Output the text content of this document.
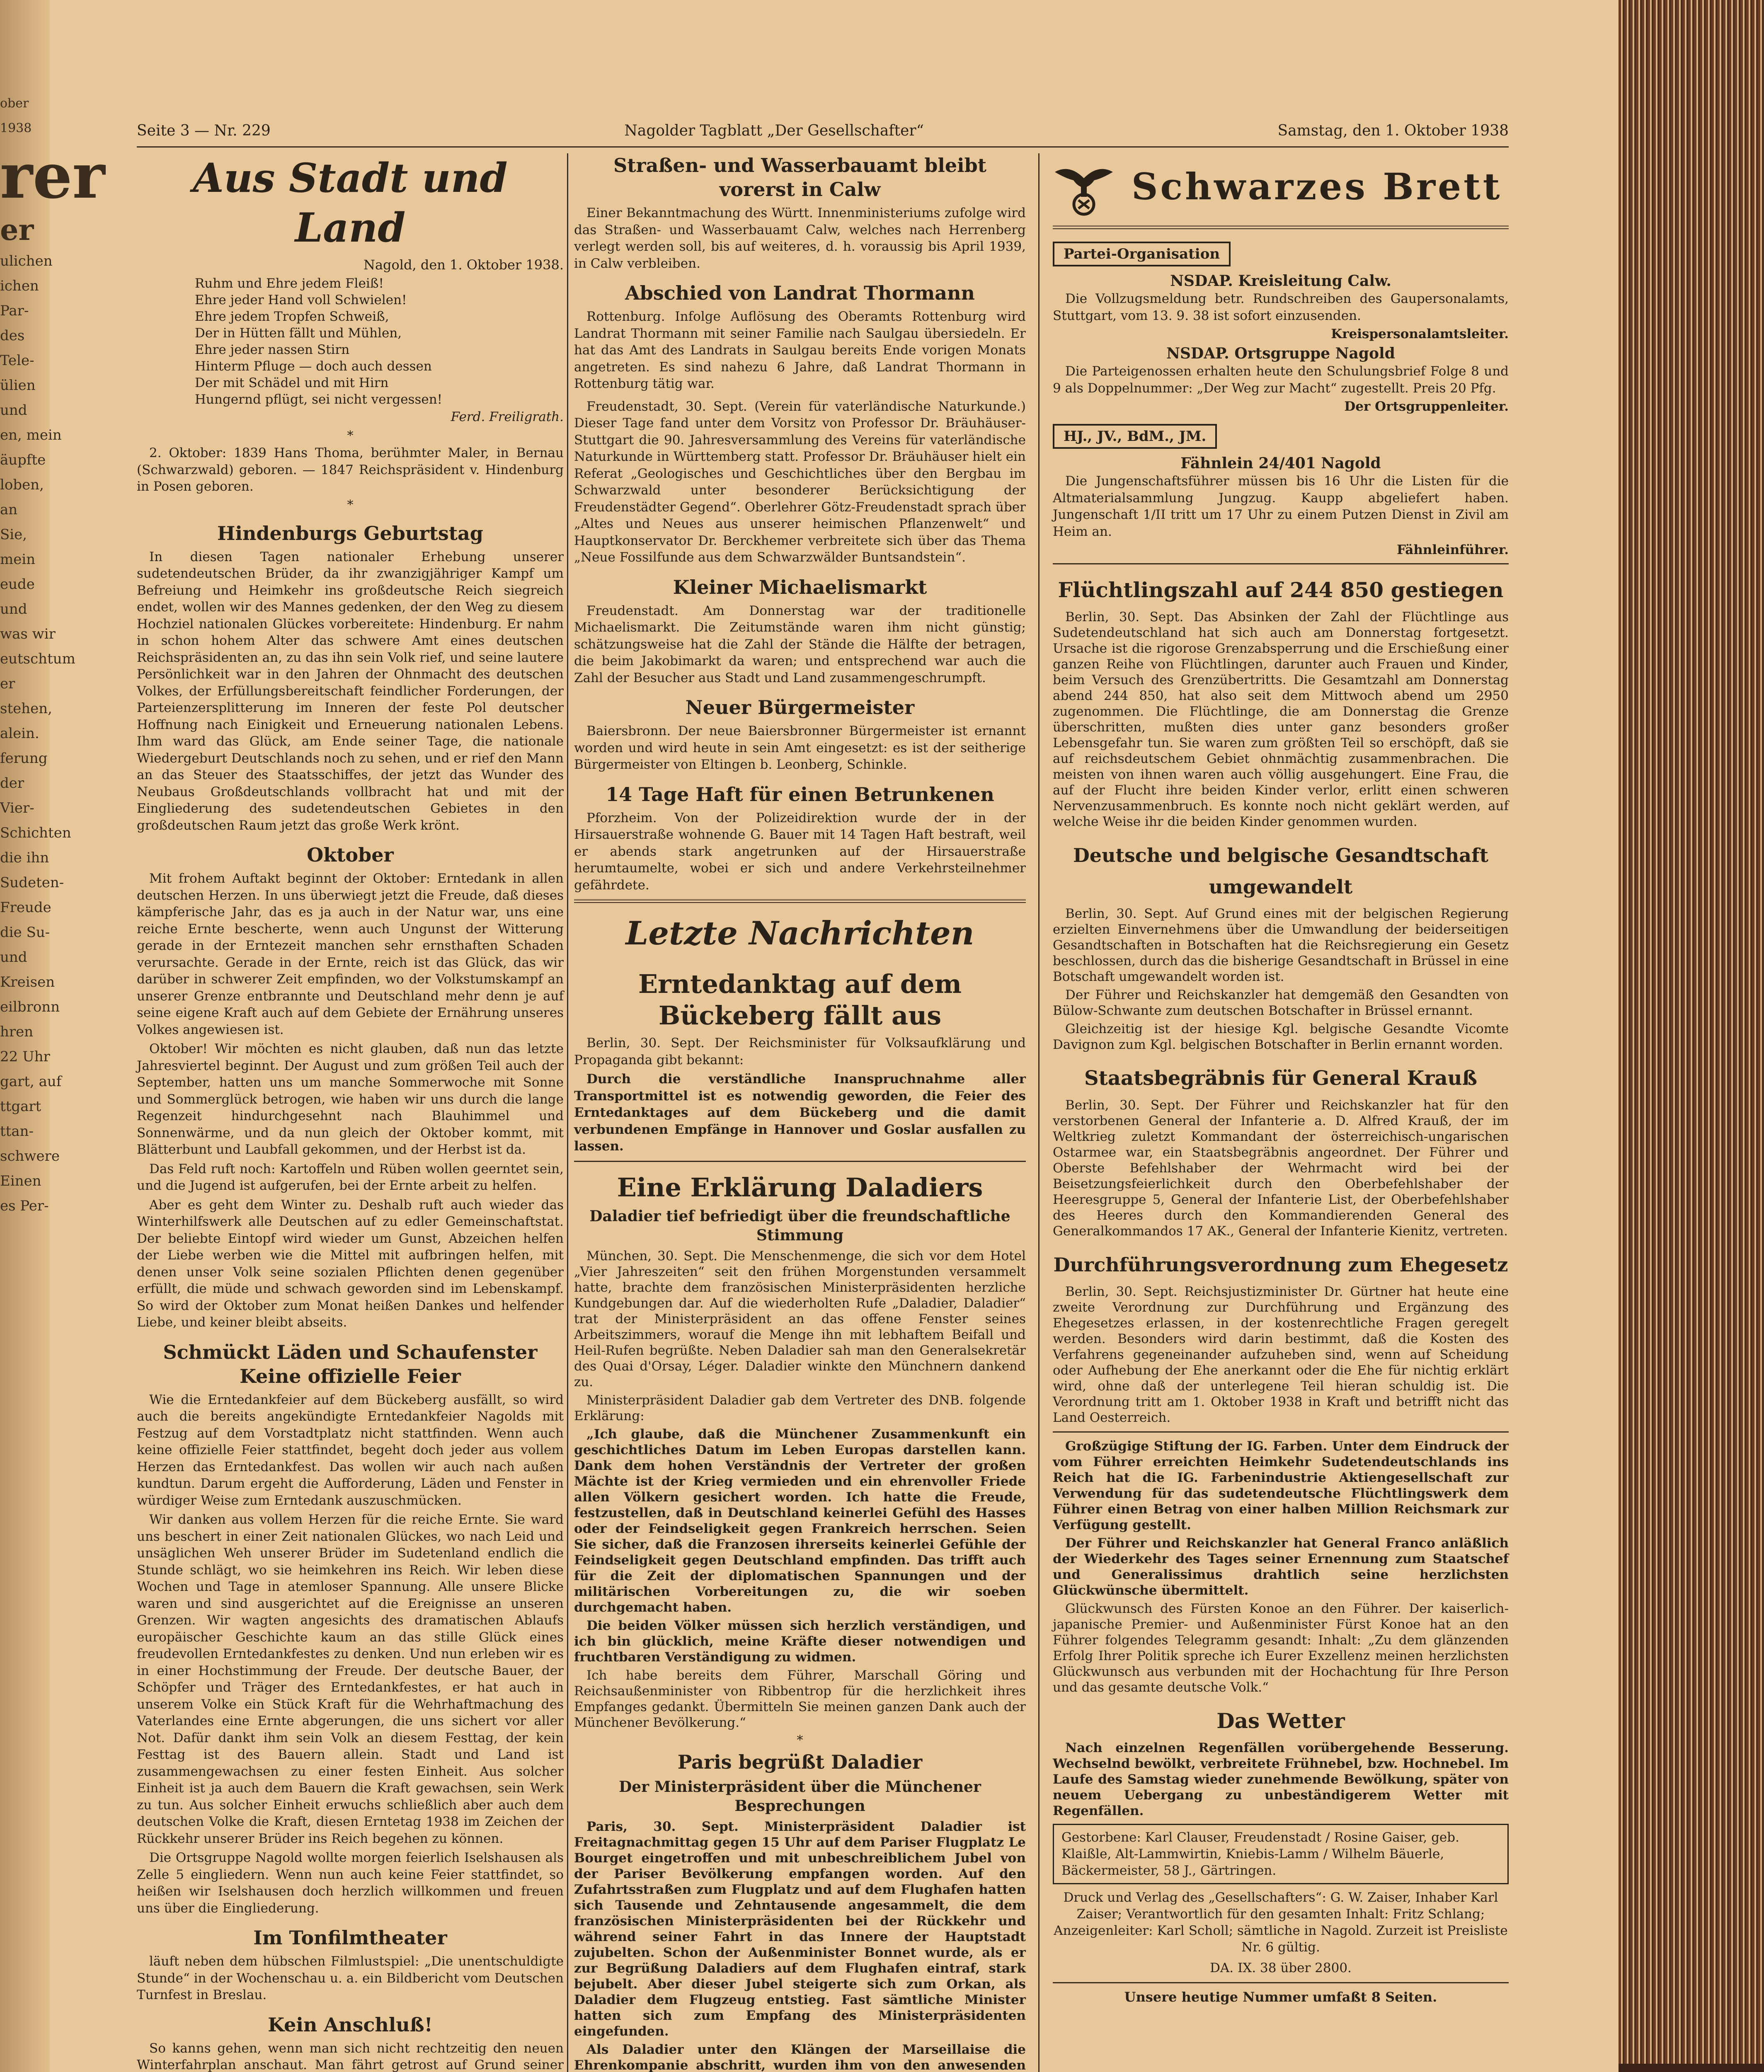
ober 1938
rer
er
ulichen
ichen Par-
des Tele-
ülien und
en, mein
äupfte
loben, an
Sie, mein
eude und
was wir
eutschtum
er stehen,
alein.
ferung
der Vier-
Schichten
die ihn
Sudeten-
Freude
die Su-
und
Kreisen
eilbronn
hren
22 Uhr
gart, auf
ttgart
ttan-
schwere
Einen
es Per-
Seite 3 — Nr. 229	Nagolder Tagblatt „Der Gesellschafter“	Samstag, den 1. Oktober 1938
Aus Stadt und Land
Nagold, den 1. Oktober 1938.
Ruhm und Ehre jedem Fleiß!
Ehre jeder Hand voll Schwielen!
Ehre jedem Tropfen Schweiß,
Der in Hütten fällt und Mühlen,
Ehre jeder nassen Stirn
Hinterm Pfluge — doch auch dessen
Der mit Schädel und mit Hirn
Hungernd pflügt, sei nicht vergessen!
Ferd. Freiligrath.
*
2. Oktober: 1839 Hans Thoma, berühmter Maler, in Bernau (Schwarzwald) geboren. — 1847 Reichspräsident v. Hindenburg in Posen geboren.
*
Hindenburgs Geburtstag
In diesen Tagen nationaler Erhebung unserer sudetendeutschen Brüder, da ihr zwanzigjähriger Kampf um Befreiung und Heimkehr ins großdeutsche Reich siegreich endet, wollen wir des Mannes gedenken, der den Weg zu diesem Hochziel nationalen Glückes vorbereitete: Hindenburg. Er nahm in schon hohem Alter das schwere Amt eines deutschen Reichspräsidenten an, zu das ihn sein Volk rief, und seine lautere Persönlichkeit war in den Jahren der Ohnmacht des deutschen Volkes, der Erfüllungsbereitschaft feindlicher Forderungen, der Parteienzersplitterung im Inneren der feste Pol deutscher Hoffnung nach Einigkeit und Erneuerung nationalen Lebens. Ihm ward das Glück, am Ende seiner Tage, die nationale Wiedergeburt Deutschlands noch zu sehen, und er rief den Mann an das Steuer des Staatsschiffes, der jetzt das Wunder des Neubaus Großdeutschlands vollbracht hat und mit der Eingliederung des sudetendeutschen Gebietes in den großdeutschen Raum jetzt das große Werk krönt.
Oktober
Mit frohem Auftakt beginnt der Oktober: Erntedank in allen deutschen Herzen. In uns überwiegt jetzt die Freude, daß dieses kämpferische Jahr, das es ja auch in der Natur war, uns eine reiche Ernte bescherte, wenn auch Ungunst der Witterung gerade in der Erntezeit manchen sehr ernsthaften Schaden verursachte. Gerade in der Ernte, reich ist das Glück, das wir darüber in schwerer Zeit empfinden, wo der Volkstumskampf an unserer Grenze entbrannte und Deutschland mehr denn je auf seine eigene Kraft auch auf dem Gebiete der Ernährung unseres Volkes angewiesen ist.
Oktober! Wir möchten es nicht glauben, daß nun das letzte Jahresviertel beginnt. Der August und zum größen Teil auch der September, hatten uns um manche Sommerwoche mit Sonne und Sommerglück betrogen, wie haben wir uns durch die lange Regenzeit hindurchgesehnt nach Blauhimmel und Sonnenwärme, und da nun gleich der Oktober kommt, mit Blätterbunt und Laubfall gekommen, und der Herbst ist da.
Das Feld ruft noch: Kartoffeln und Rüben wollen geerntet sein, und die Jugend ist aufgerufen, bei der Ernte arbeit zu helfen.
Aber es geht dem Winter zu. Deshalb ruft auch wieder das Winterhilfswerk alle Deutschen auf zu edler Gemeinschaftstat. Der beliebte Eintopf wird wieder um Gunst, Abzeichen helfen der Liebe werben wie die Mittel mit aufbringen helfen, mit denen unser Volk seine sozialen Pflichten denen gegenüber erfüllt, die müde und schwach geworden sind im Lebenskampf. So wird der Oktober zum Monat heißen Dankes und helfender Liebe, und keiner bleibt abseits.
Schmückt Läden und Schaufenster
Keine offizielle Feier
Wie die Erntedankfeier auf dem Bückeberg ausfällt, so wird auch die bereits angekündigte Erntedankfeier Nagolds mit Festzug auf dem Vorstadtplatz nicht stattfinden. Wenn auch keine offizielle Feier stattfindet, begeht doch jeder aus vollem Herzen das Erntedankfest. Das wollen wir auch nach außen kundtun. Darum ergeht die Aufforderung, Läden und Fenster in würdiger Weise zum Erntedank auszuschmücken.
Wir danken aus vollem Herzen für die reiche Ernte. Sie ward uns beschert in einer Zeit nationalen Glückes, wo nach Leid und unsäglichen Weh unserer Brüder im Sudetenland endlich die Stunde schlägt, wo sie heimkehren ins Reich. Wir leben diese Wochen und Tage in atemloser Spannung. Alle unsere Blicke waren und sind ausgerichtet auf die Ereignisse an unseren Grenzen. Wir wagten angesichts des dramatischen Ablaufs europäischer Geschichte kaum an das stille Glück eines freudevollen Erntedankfestes zu denken. Und nun erleben wir es in einer Hochstimmung der Freude. Der deutsche Bauer, der Schöpfer und Träger des Erntedankfestes, er hat auch in unserem Volke ein Stück Kraft für die Wehrhaftmachung des Vaterlandes eine Ernte abgerungen, die uns sichert vor aller Not. Dafür dankt ihm sein Volk an diesem Festtag, der kein Festtag ist des Bauern allein. Stadt und Land ist zusammengewachsen zu einer festen Einheit. Aus solcher Einheit ist ja auch dem Bauern die Kraft gewachsen, sein Werk zu tun. Aus solcher Einheit erwuchs schließlich aber auch dem deutschen Volke die Kraft, diesen Erntetag 1938 im Zeichen der Rückkehr unserer Brüder ins Reich begehen zu können.
Die Ortsgruppe Nagold wollte morgen feierlich Iselshausen als Zelle 5 eingliedern. Wenn nun auch keine Feier stattfindet, so heißen wir Iselshausen doch herzlich willkommen und freuen uns über die Eingliederung.
Im Tonfilmtheater
läuft neben dem hübschen Filmlustspiel: „Die unentschuldigte Stunde“ in der Wochenschau u. a. ein Bildbericht vom Deutschen Turnfest in Breslau.
Kein Anschluß!
So kanns gehen, wenn man sich nicht rechtzeitig den neuen Winterfahrplan anschaut. Man fährt getrost auf Grund seiner
Straßen- und Wasserbauamt bleibt vorerst in Calw
Einer Bekanntmachung des Württ. Innenministeriums zufolge wird das Straßen- und Wasserbauamt Calw, welches nach Herrenberg verlegt werden soll, bis auf weiteres, d. h. voraussig bis April 1939, in Calw verbleiben.
Abschied von Landrat Thormann
Rottenburg. Infolge Auflösung des Oberamts Rottenburg wird Landrat Thormann mit seiner Familie nach Saulgau übersiedeln. Er hat das Amt des Landrats in Saulgau bereits Ende vorigen Monats angetreten. Es sind nahezu 6 Jahre, daß Landrat Thormann in Rottenburg tätig war.
Freudenstadt, 30. Sept. (Verein für vaterländische Naturkunde.) Dieser Tage fand unter dem Vorsitz von Professor Dr. Bräuhäuser-Stuttgart die 90. Jahresversammlung des Vereins für vaterländische Naturkunde in Württemberg statt. Professor Dr. Bräuhäuser hielt ein Referat „Geologisches und Geschichtliches über den Bergbau im Schwarzwald unter besonderer Berücksichtigung der Freudenstädter Gegend“. Oberlehrer Götz-Freudenstadt sprach über „Altes und Neues aus unserer heimischen Pflanzenwelt“ und Hauptkonservator Dr. Berckhemer verbreitete sich über das Thema „Neue Fossilfunde aus dem Schwarzwälder Buntsandstein“.
Kleiner Michaelismarkt
Freudenstadt. Am Donnerstag war der traditionelle Michaelismarkt. Die Zeitumstände waren ihm nicht günstig; schätzungsweise hat die Zahl der Stände die Hälfte der betragen, die beim Jakobimarkt da waren; und entsprechend war auch die Zahl der Besucher aus Stadt und Land zusammengeschrumpft.
Neuer Bürgermeister
Baiersbronn. Der neue Baiersbronner Bürgermeister ist ernannt worden und wird heute in sein Amt eingesetzt: es ist der seitherige Bürgermeister von Eltingen b. Leonberg, Schinkle.
14 Tage Haft für einen Betrunkenen
Pforzheim. Von der Polizeidirektion wurde der in der Hirsauerstraße wohnende G. Bauer mit 14 Tagen Haft bestraft, weil er abends stark angetrunken auf der Hirsauerstraße herumtaumelte, wobei er sich und andere Verkehrsteilnehmer gefährdete.
Letzte Nachrichten
Erntedanktag auf dem Bückeberg fällt aus
Berlin, 30. Sept. Der Reichsminister für Volksaufklärung und Propaganda gibt bekannt:
Durch die verständliche Inanspruchnahme aller Transportmittel ist es notwendig geworden, die Feier des Erntedanktages auf dem Bückeberg und die damit verbundenen Empfänge in Hannover und Goslar ausfallen zu lassen.
Eine Erklärung Daladiers
Daladier tief befriedigt über die freundschaftliche Stimmung
München, 30. Sept. Die Menschenmenge, die sich vor dem Hotel „Vier Jahreszeiten“ seit den frühen Morgenstunden versammelt hatte, brachte dem französischen Ministerpräsidenten herzliche Kundgebungen dar. Auf die wiederholten Rufe „Daladier, Daladier“ trat der Ministerpräsident an das offene Fenster seines Arbeitszimmers, worauf die Menge ihn mit lebhaftem Beifall und Heil-Rufen begrüßte. Neben Daladier sah man den Generalsekretär des Quai d'Orsay, Léger. Daladier winkte den Münchnern dankend zu.
Ministerpräsident Daladier gab dem Vertreter des DNB. folgende Erklärung:
„Ich glaube, daß die Münchener Zusammenkunft ein geschichtliches Datum im Leben Europas darstellen kann. Dank dem hohen Verständnis der Vertreter der großen Mächte ist der Krieg vermieden und ein ehrenvoller Friede allen Völkern gesichert worden. Ich hatte die Freude, festzustellen, daß in Deutschland keinerlei Gefühl des Hasses oder der Feindseligkeit gegen Frankreich herrschen. Seien Sie sicher, daß die Franzosen ihrerseits keinerlei Gefühle der Feindseligkeit gegen Deutschland empfinden. Das trifft auch für die Zeit der diplomatischen Spannungen und der militärischen Vorbereitungen zu, die wir soeben durchgemacht haben.
Die beiden Völker müssen sich herzlich verständigen, und ich bin glücklich, meine Kräfte dieser notwendigen und fruchtbaren Verständigung zu widmen.
Ich habe bereits dem Führer, Marschall Göring und Reichsaußenminister von Ribbentrop für die herzlichkeit ihres Empfanges gedankt. Übermitteln Sie meinen ganzen Dank auch der Münchener Bevölkerung.“
*
Paris begrüßt Daladier
Der Ministerpräsident über die Münchener Besprechungen
Paris, 30. Sept. Ministerpräsident Daladier ist Freitagnachmittag gegen 15 Uhr auf dem Pariser Flugplatz Le Bourget eingetroffen und mit unbeschreiblichem Jubel von der Pariser Bevölkerung empfangen worden. Auf den Zufahrtsstraßen zum Flugplatz und auf dem Flughafen hatten sich Tausende und Zehntausende angesammelt, die dem französischen Ministerpräsidenten bei der Rückkehr und während seiner Fahrt in das Innere der Hauptstadt zujubelten. Schon der Außenminister Bonnet wurde, als er zur Begrüßung Daladiers auf dem Flughafen eintraf, stark bejubelt. Aber dieser Jubel steigerte sich zum Orkan, als Daladier dem Flugzeug entstieg. Fast sämtliche Minister hatten sich zum Empfang des Ministerpräsidenten eingefunden.
Als Daladier unter den Klängen der Marseillaise die Ehrenkompanie abschritt, wurden ihm von den anwesenden
Schwarzes Brett
Partei-Organisation
NSDAP. Kreisleitung Calw.
Die Vollzugsmeldung betr. Rundschreiben des Gaupersonalamts, Stuttgart, vom 13. 9. 38 ist sofort einzusenden.
Kreispersonalamtsleiter.
NSDAP. Ortsgruppe Nagold
Die Parteigenossen erhalten heute den Schulungsbrief Folge 8 und 9 als Doppelnummer: „Der Weg zur Macht“ zugestellt. Preis 20 Pfg.
Der Ortsgruppenleiter.
HJ., JV., BdM., JM.
Fähnlein 24/401 Nagold
Die Jungenschaftsführer müssen bis 16 Uhr die Listen für die Altmaterialsammlung Jungzug. Kaupp abgeliefert haben. Jungenschaft 1/II tritt um 17 Uhr zu einem Putzen Dienst in Zivil am Heim an.
Fähnleinführer.
Flüchtlingszahl auf 244 850 gestiegen
Berlin, 30. Sept. Das Absinken der Zahl der Flüchtlinge aus Sudetendeutschland hat sich auch am Donnerstag fortgesetzt. Ursache ist die rigorose Grenzabsperrung und die Erschießung einer ganzen Reihe von Flüchtlingen, darunter auch Frauen und Kinder, beim Versuch des Grenzübertritts. Die Gesamtzahl am Donnerstag abend 244 850, hat also seit dem Mittwoch abend um 2950 zugenommen. Die Flüchtlinge, die am Donnerstag die Grenze überschritten, mußten dies unter ganz besonders großer Lebensgefahr tun. Sie waren zum größten Teil so erschöpft, daß sie auf reichsdeutschem Gebiet ohnmächtig zusammenbrachen. Die meisten von ihnen waren auch völlig ausgehungert. Eine Frau, die auf der Flucht ihre beiden Kinder verlor, erlitt einen schweren Nervenzusammenbruch. Es konnte noch nicht geklärt werden, auf welche Weise ihr die beiden Kinder genommen wurden.
Deutsche und belgische Gesandtschaft umgewandelt
Berlin, 30. Sept. Auf Grund eines mit der belgischen Regierung erzielten Einvernehmens über die Umwandlung der beiderseitigen Gesandtschaften in Botschaften hat die Reichsregierung ein Gesetz beschlossen, durch das die bisherige Gesandtschaft in Brüssel in eine Botschaft umgewandelt worden ist.
Der Führer und Reichskanzler hat demgemäß den Gesandten von Bülow-Schwante zum deutschen Botschafter in Brüssel ernannt.
Gleichzeitig ist der hiesige Kgl. belgische Gesandte Vicomte Davignon zum Kgl. belgischen Botschafter in Berlin ernannt worden.
Staatsbegräbnis für General Krauß
Berlin, 30. Sept. Der Führer und Reichskanzler hat für den verstorbenen General der Infanterie a. D. Alfred Krauß, der im Weltkrieg zuletzt Kommandant der österreichisch-ungarischen Ostarmee war, ein Staatsbegräbnis angeordnet. Der Führer und Oberste Befehlshaber der Wehrmacht wird bei der Beisetzungsfeierlichkeit durch den Oberbefehlshaber der Heeresgruppe 5, General der Infanterie List, der Oberbefehlshaber des Heeres durch den Kommandierenden General des Generalkommandos 17 AK., General der Infanterie Kienitz, vertreten.
Durchführungsverordnung zum Ehegesetz
Berlin, 30. Sept. Reichsjustizminister Dr. Gürtner hat heute eine zweite Verordnung zur Durchführung und Ergänzung des Ehegesetzes erlassen, in der kostenrechtliche Fragen geregelt werden. Besonders wird darin bestimmt, daß die Kosten des Verfahrens gegeneinander aufzuheben sind, wenn auf Scheidung oder Aufhebung der Ehe anerkannt oder die Ehe für nichtig erklärt wird, ohne daß der unterlegene Teil hieran schuldig ist. Die Verordnung tritt am 1. Oktober 1938 in Kraft und betrifft nicht das Land Oesterreich.
Großzügige Stiftung der IG. Farben. Unter dem Eindruck der vom Führer erreichten Heimkehr Sudetendeutschlands ins Reich hat die IG. Farbenindustrie Aktiengesellschaft zur Verwendung für das sudetendeutsche Flüchtlingswerk dem Führer einen Betrag von einer halben Million Reichsmark zur Verfügung gestellt.
Der Führer und Reichskanzler hat General Franco anläßlich der Wiederkehr des Tages seiner Ernennung zum Staatschef und Generalissimus drahtlich seine herzlichsten Glückwünsche übermittelt.
Glückwunsch des Fürsten Konoe an den Führer. Der kaiserlich-japanische Premier- und Außenminister Fürst Konoe hat an den Führer folgendes Telegramm gesandt: Inhalt: „Zu dem glänzenden Erfolg Ihrer Politik spreche ich Eurer Exzellenz meinen herzlichsten Glückwunsch aus verbunden mit der Hochachtung für Ihre Person und das gesamte deutsche Volk.“
Das Wetter
Nach einzelnen Regenfällen vorübergehende Besserung. Wechselnd bewölkt, verbreitete Frühnebel, bzw. Hochnebel. Im Laufe des Samstag wieder zunehmende Bewölkung, später von neuem Uebergang zu unbeständigerem Wetter mit Regenfällen.
Gestorbene: Karl Clauser, Freudenstadt / Rosine Gaiser, geb. Klaißle, Alt-Lammwirtin, Kniebis-Lamm / Wilhelm Bäuerle, Bäckermeister, 58 J., Gärtringen.
Druck und Verlag des „Gesellschafters“: G. W. Zaiser, Inhaber Karl Zaiser; Verantwortlich für den gesamten Inhalt: Fritz Schlang; Anzeigenleiter: Karl Scholl; sämtliche in Nagold. Zurzeit ist Preisliste Nr. 6 gültig.
DA. IX. 38 über 2800.
Unsere heutige Nummer umfaßt 8 Seiten.
